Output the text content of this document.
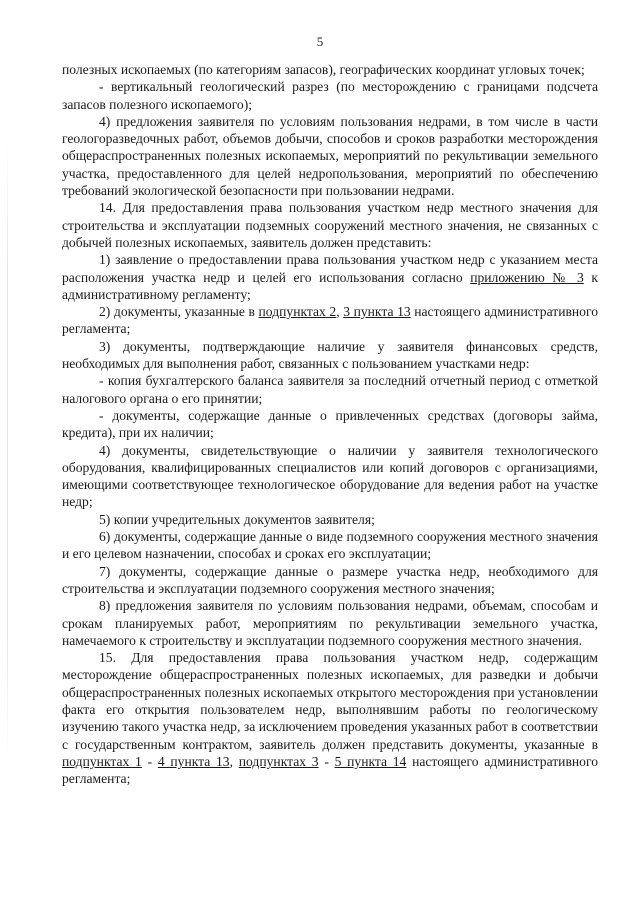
5

полезных ископаемых (по категориям запасов), географических координат угловых точек;

- вертикальный геологический разрез (по месторождению с границами подсчета запасов полезного ископаемого);

4) предложения заявителя по условиям пользования недрами, в том числе в части геологоразведочных работ, объемов добычи, способов и сроков разработки месторождения общераспространенных полезных ископаемых, мероприятий по рекультивации земельного участка, предоставленного для целей недропользования, мероприятий по обеспечению требований экологической безопасности при пользовании недрами.

14. Для предоставления права пользования участком недр местного значения для строительства и эксплуатации подземных сооружений местного значения, не связанных с добычей полезных ископаемых, заявитель должен представить:

1) заявление о предоставлении права пользования участком недр с указанием места расположения участка недр и целей его использования согласно приложению № 3 к административному регламенту;

2) документы, указанные в подпунктах 2, 3 пункта 13 настоящего административного регламента;

3) документы, подтверждающие наличие у заявителя финансовых средств, необходимых для выполнения работ, связанных с пользованием участками недр:

- копия бухгалтерского баланса заявителя за последний отчетный период с отметкой налогового органа о его принятии;

- документы, содержащие данные о привлеченных средствах (договоры займа, кредита), при их наличии;

4) документы, свидетельствующие о наличии у заявителя технологического оборудования, квалифицированных специалистов или копий договоров с организациями, имеющими соответствующее технологическое оборудование для ведения работ на участке недр;

5) копии учредительных документов заявителя;

6) документы, содержащие данные о виде подземного сооружения местного значения и его целевом назначении, способах и сроках его эксплуатации;

7) документы, содержащие данные о размере участка недр, необходимого для строительства и эксплуатации подземного сооружения местного значения;

8) предложения заявителя по условиям пользования недрами, объемам, способам и срокам планируемых работ, мероприятиям по рекультивации земельного участка, намечаемого к строительству и эксплуатации подземного сооружения местного значения.

15. Для предоставления права пользования участком недр, содержащим месторождение общераспространенных полезных ископаемых, для разведки и добычи общераспространенных полезных ископаемых открытого месторождения при установлении факта его открытия пользователем недр, выполнявшим работы по геологическому изучению такого участка недр, за исключением проведения указанных работ в соответствии с государственным контрактом, заявитель должен представить документы, указанные в подпунктах 1 - 4 пункта 13, подпунктах 3 - 5 пункта 14 настоящего административного регламента;
